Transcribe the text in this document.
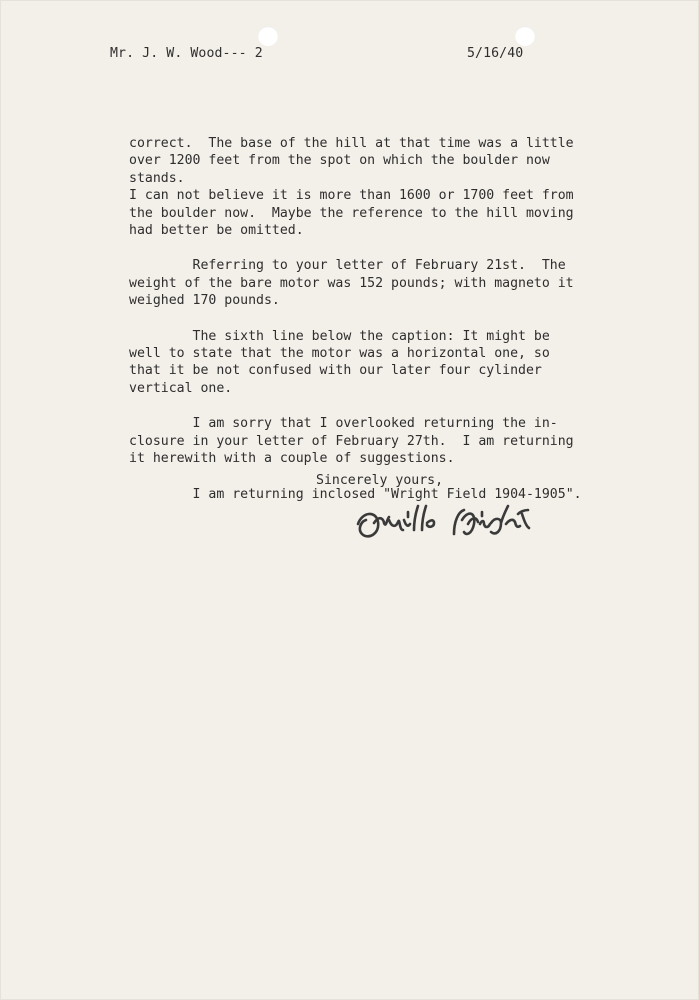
Mr. J. W. Wood--- 2	5/16/40

correct.  The base of the hill at that time was a little

over 1200 feet from the spot on which the boulder now stands.

I can not believe it is more than 1600 or 1700 feet from

the boulder now.  Maybe the reference to the hill moving

had better be omitted.

Referring to your letter of February 21st.  The

weight of the bare motor was 152 pounds; with magneto it

weighed 170 pounds.

The sixth line below the caption: It might be

well to state that the motor was a horizontal one, so

that it be not confused with our later four cylinder

vertical one.

I am sorry that I overlooked returning the in-

closure in your letter of February 27th.  I am returning

it herewith with a couple of suggestions.

I am returning inclosed "Wright Field 1904-1905".

Sincerely yours,
